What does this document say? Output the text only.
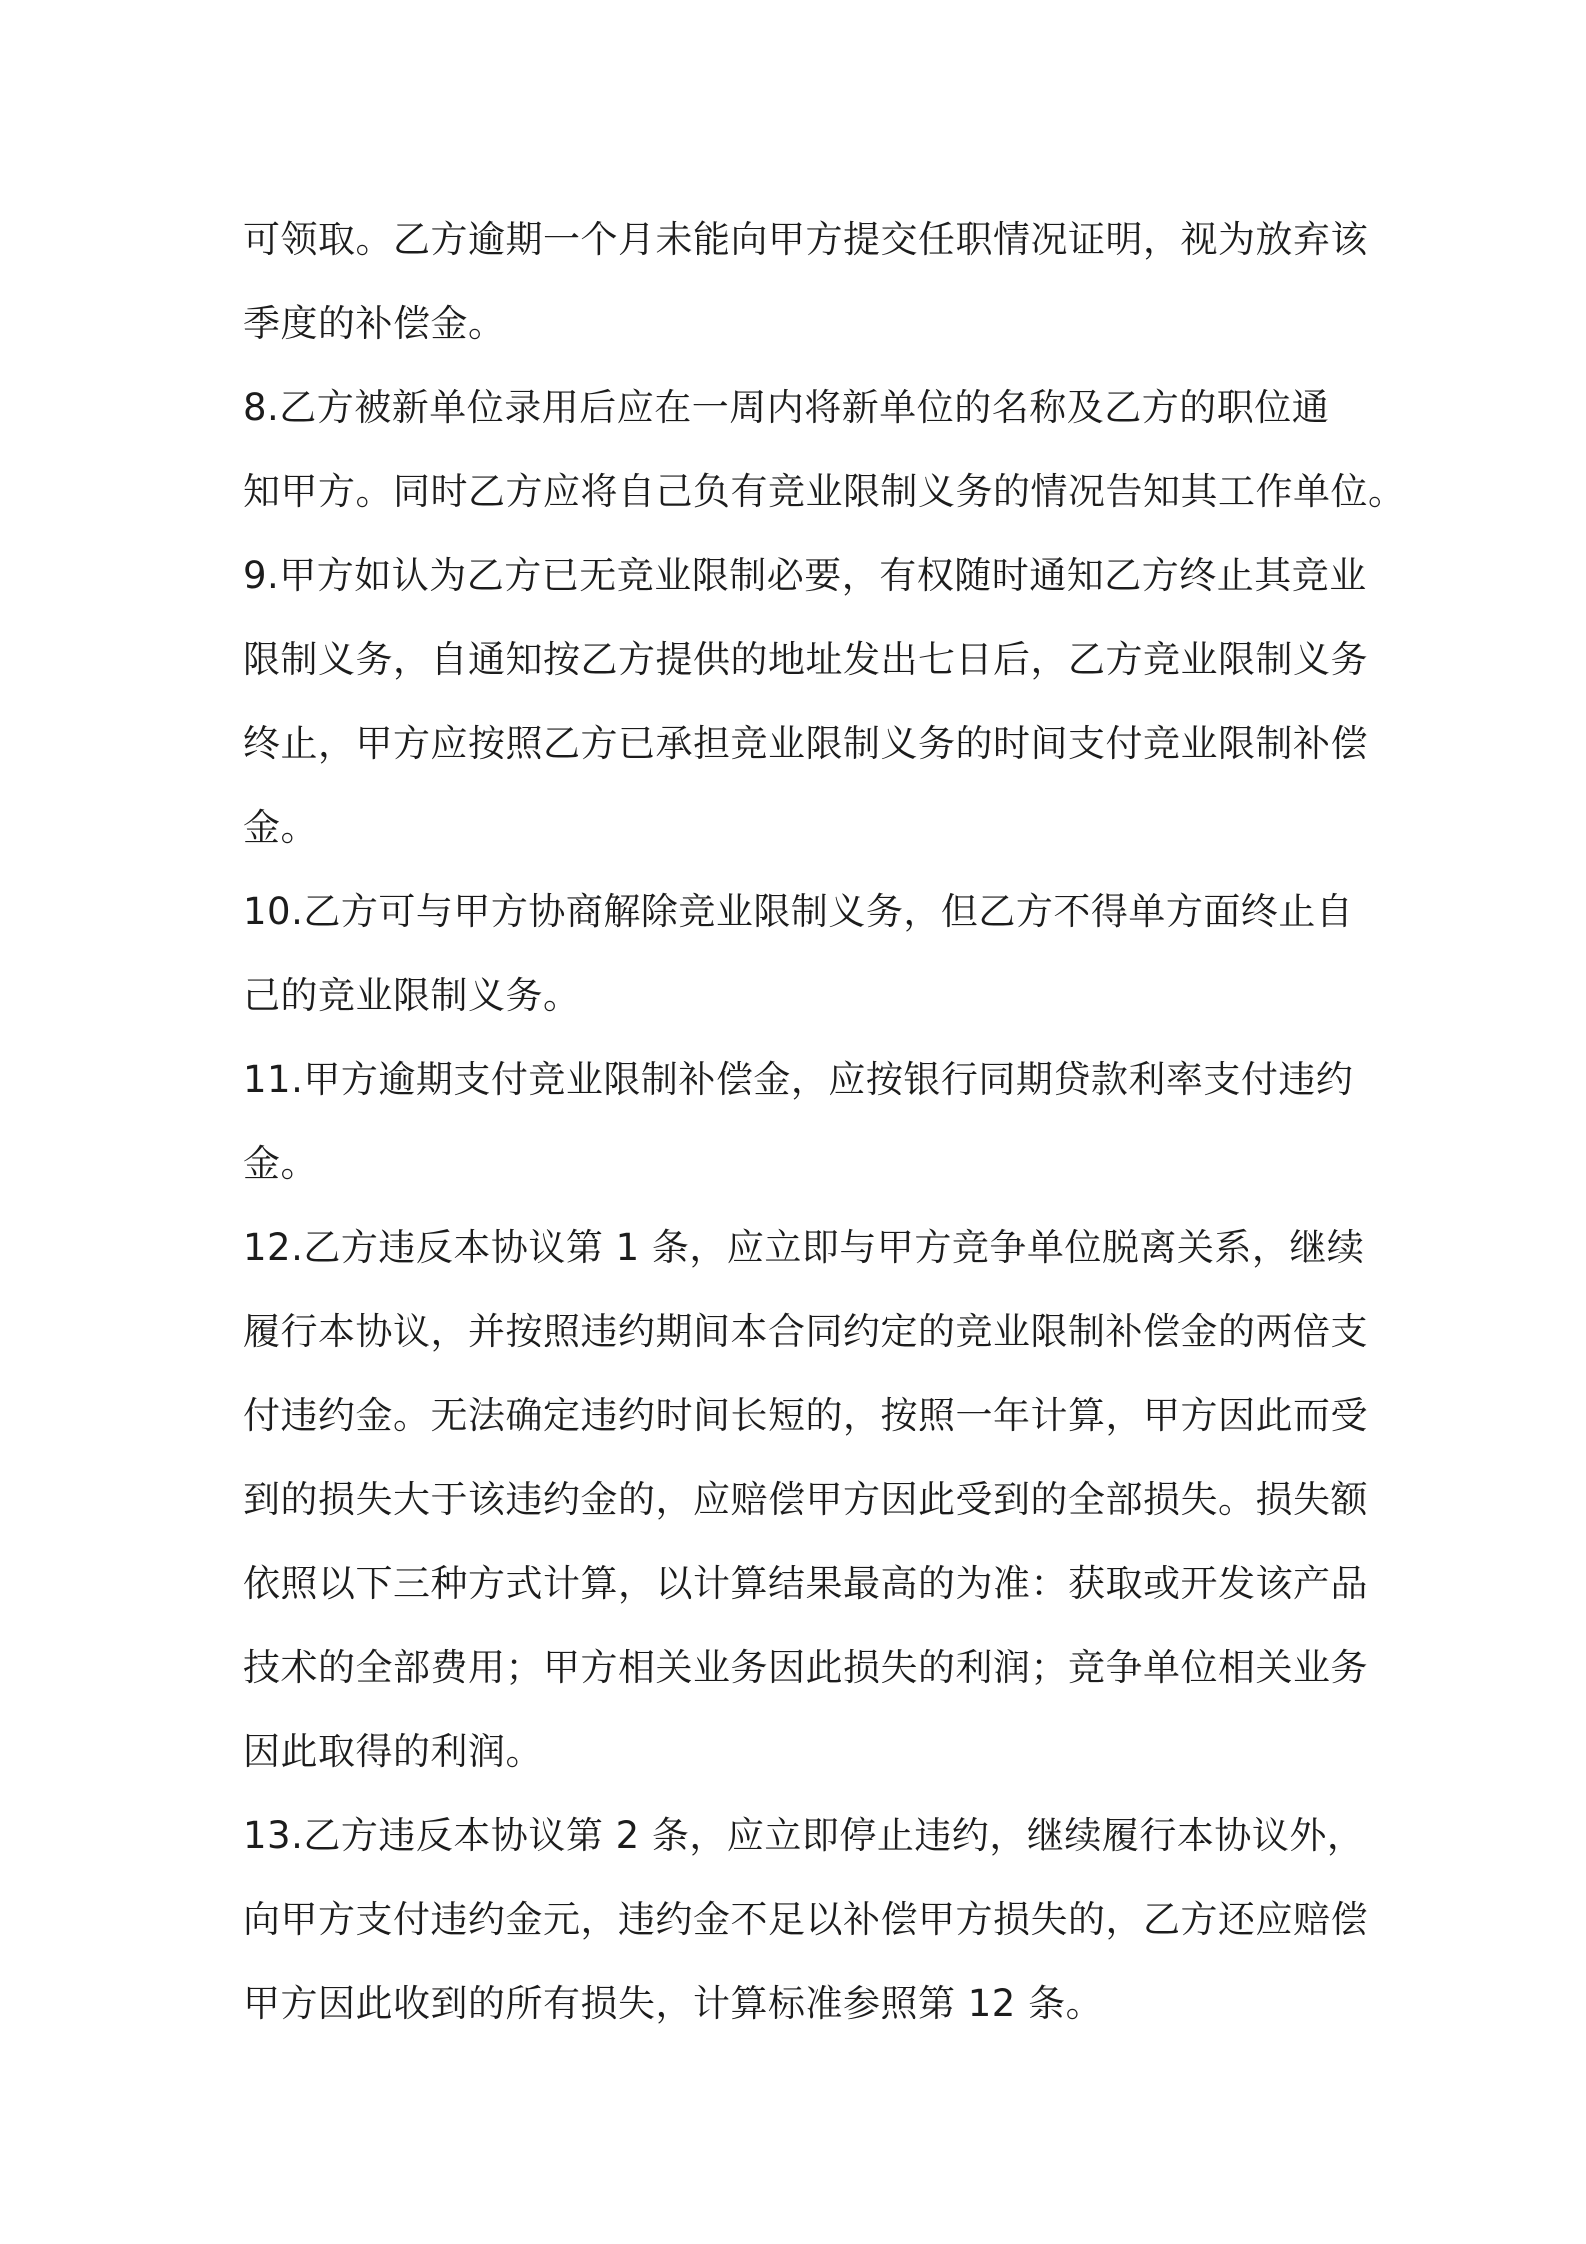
可领取。乙方逾期一个月未能向甲方提交任职情况证明，视为放弃该
季度的补偿金。
8.乙方被新单位录用后应在一周内将新单位的名称及乙方的职位通
知甲方。同时乙方应将自己负有竞业限制义务的情况告知其工作单位。
9.甲方如认为乙方已无竞业限制必要，有权随时通知乙方终止其竞业
限制义务，自通知按乙方提供的地址发出七日后，乙方竞业限制义务
终止，甲方应按照乙方已承担竞业限制义务的时间支付竞业限制补偿
金。
10.乙方可与甲方协商解除竞业限制义务，但乙方不得单方面终止自
己的竞业限制义务。
11.甲方逾期支付竞业限制补偿金，应按银行同期贷款利率支付违约
金。
12.乙方违反本协议第 1 条，应立即与甲方竞争单位脱离关系，继续
履行本协议，并按照违约期间本合同约定的竞业限制补偿金的两倍支
付违约金。无法确定违约时间长短的，按照一年计算，甲方因此而受
到的损失大于该违约金的，应赔偿甲方因此受到的全部损失。损失额
依照以下三种方式计算，以计算结果最高的为准：获取或开发该产品
技术的全部费用；甲方相关业务因此损失的利润；竞争单位相关业务
因此取得的利润。
13.乙方违反本协议第 2 条，应立即停止违约，继续履行本协议外，
向甲方支付违约金元，违约金不足以补偿甲方损失的，乙方还应赔偿
甲方因此收到的所有损失，计算标准参照第 12 条。
